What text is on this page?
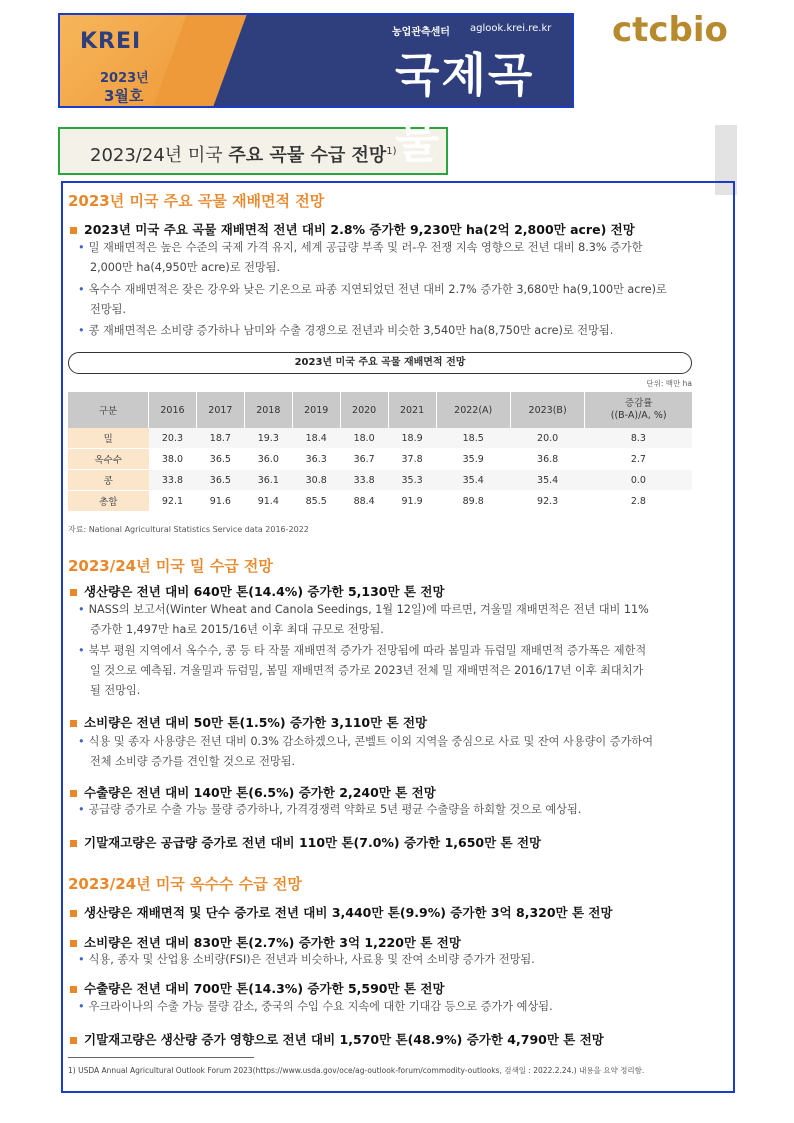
KREI
2023년
3월호
농업관측센터 aglook.krei.re.kr
국제곡물
ctcbio
2023/24년 미국 주요 곡물 수급 전망$^{1)}$
2023년 미국 주요 곡물 재배면적 전망
2023년 미국 주요 곡물 재배면적 전년 대비 2.8% 증가한 9,230만 ha(2억 2,800만 acre) 전망
• 밀 재배면적은 높은 수준의 국제 가격 유지, 세계 공급량 부족 및 러-우 전쟁 지속 영향으로 전년 대비 8.3% 증가한
2,000만 ha(4,950만 acre)로 전망됨.
• 옥수수 재배면적은 잦은 강우와 낮은 기온으로 파종 지연되었던 전년 대비 2.7% 증가한 3,680만 ha(9,100만 acre)로
전망됨.
• 콩 재배면적은 소비량 증가하나 남미와 수출 경쟁으로 전년과 비슷한 3,540만 ha(8,750만 acre)로 전망됨.
2023년 미국 주요 곡물 재배면적 전망
단위: 백만 ha
구분	2016	2017	2018	2019	2020	2021	2022(A)	2023(B)	증감률
((B-A)/A, %)
밀	20.3	18.7	19.3	18.4	18.0	18.9	18.5	20.0	8.3
옥수수	38.0	36.5	36.0	36.3	36.7	37.8	35.9	36.8	2.7
콩	33.8	36.5	36.1	30.8	33.8	35.3	35.4	35.4	0.0
총합	92.1	91.6	91.4	85.5	88.4	91.9	89.8	92.3	2.8
자료: National Agricultural Statistics Service data 2016-2022
2023/24년 미국 밀 수급 전망
생산량은 전년 대비 640만 톤(14.4%) 증가한 5,130만 톤 전망
• NASS의 보고서(Winter Wheat and Canola Seedings, 1월 12일)에 따르면, 겨울밀 재배면적은 전년 대비 11%
증가한 1,497만 ha로 2015/16년 이후 최대 규모로 전망됨.
• 북부 평원 지역에서 옥수수, 콩 등 타 작물 재배면적 증가가 전망됨에 따라 봄밀과 듀럼밀 재배면적 증가폭은 제한적
일 것으로 예측됨. 겨울밀과 듀럼밀, 봄밀 재배면적 증가로 2023년 전체 밀 재배면적은 2016/17년 이후 최대치가
될 전망임.
소비량은 전년 대비 50만 톤(1.5%) 증가한 3,110만 톤 전망
• 식용 및 종자 사용량은 전년 대비 0.3% 감소하겠으나, 콘벨트 이외 지역을 중심으로 사료 및 잔여 사용량이 증가하여
전체 소비량 증가를 견인할 것으로 전망됨.
수출량은 전년 대비 140만 톤(6.5%) 증가한 2,240만 톤 전망
• 공급량 증가로 수출 가능 물량 증가하나, 가격경쟁력 약화로 5년 평균 수출량을 하회할 것으로 예상됨.
기말재고량은 공급량 증가로 전년 대비 110만 톤(7.0%) 증가한 1,650만 톤 전망
2023/24년 미국 옥수수 수급 전망
생산량은 재배면적 및 단수 증가로 전년 대비 3,440만 톤(9.9%) 증가한 3억 8,320만 톤 전망
소비량은 전년 대비 830만 톤(2.7%) 증가한 3억 1,220만 톤 전망
• 식용, 종자 및 산업용 소비량(FSI)은 전년과 비슷하나, 사료용 및 잔여 소비량 증가가 전망됨.
수출량은 전년 대비 700만 톤(14.3%) 증가한 5,590만 톤 전망
• 우크라이나의 수출 가능 물량 감소, 중국의 수입 수요 지속에 대한 기대감 등으로 증가가 예상됨.
기말재고량은 생산량 증가 영향으로 전년 대비 1,570만 톤(48.9%) 증가한 4,790만 톤 전망
1) USDA Annual Agricultural Outlook Forum 2023(https://www.usda.gov/oce/ag-outlook-forum/commodity-outlooks, 검색일 : 2022.2.24.) 내용을 요약 정리함.
